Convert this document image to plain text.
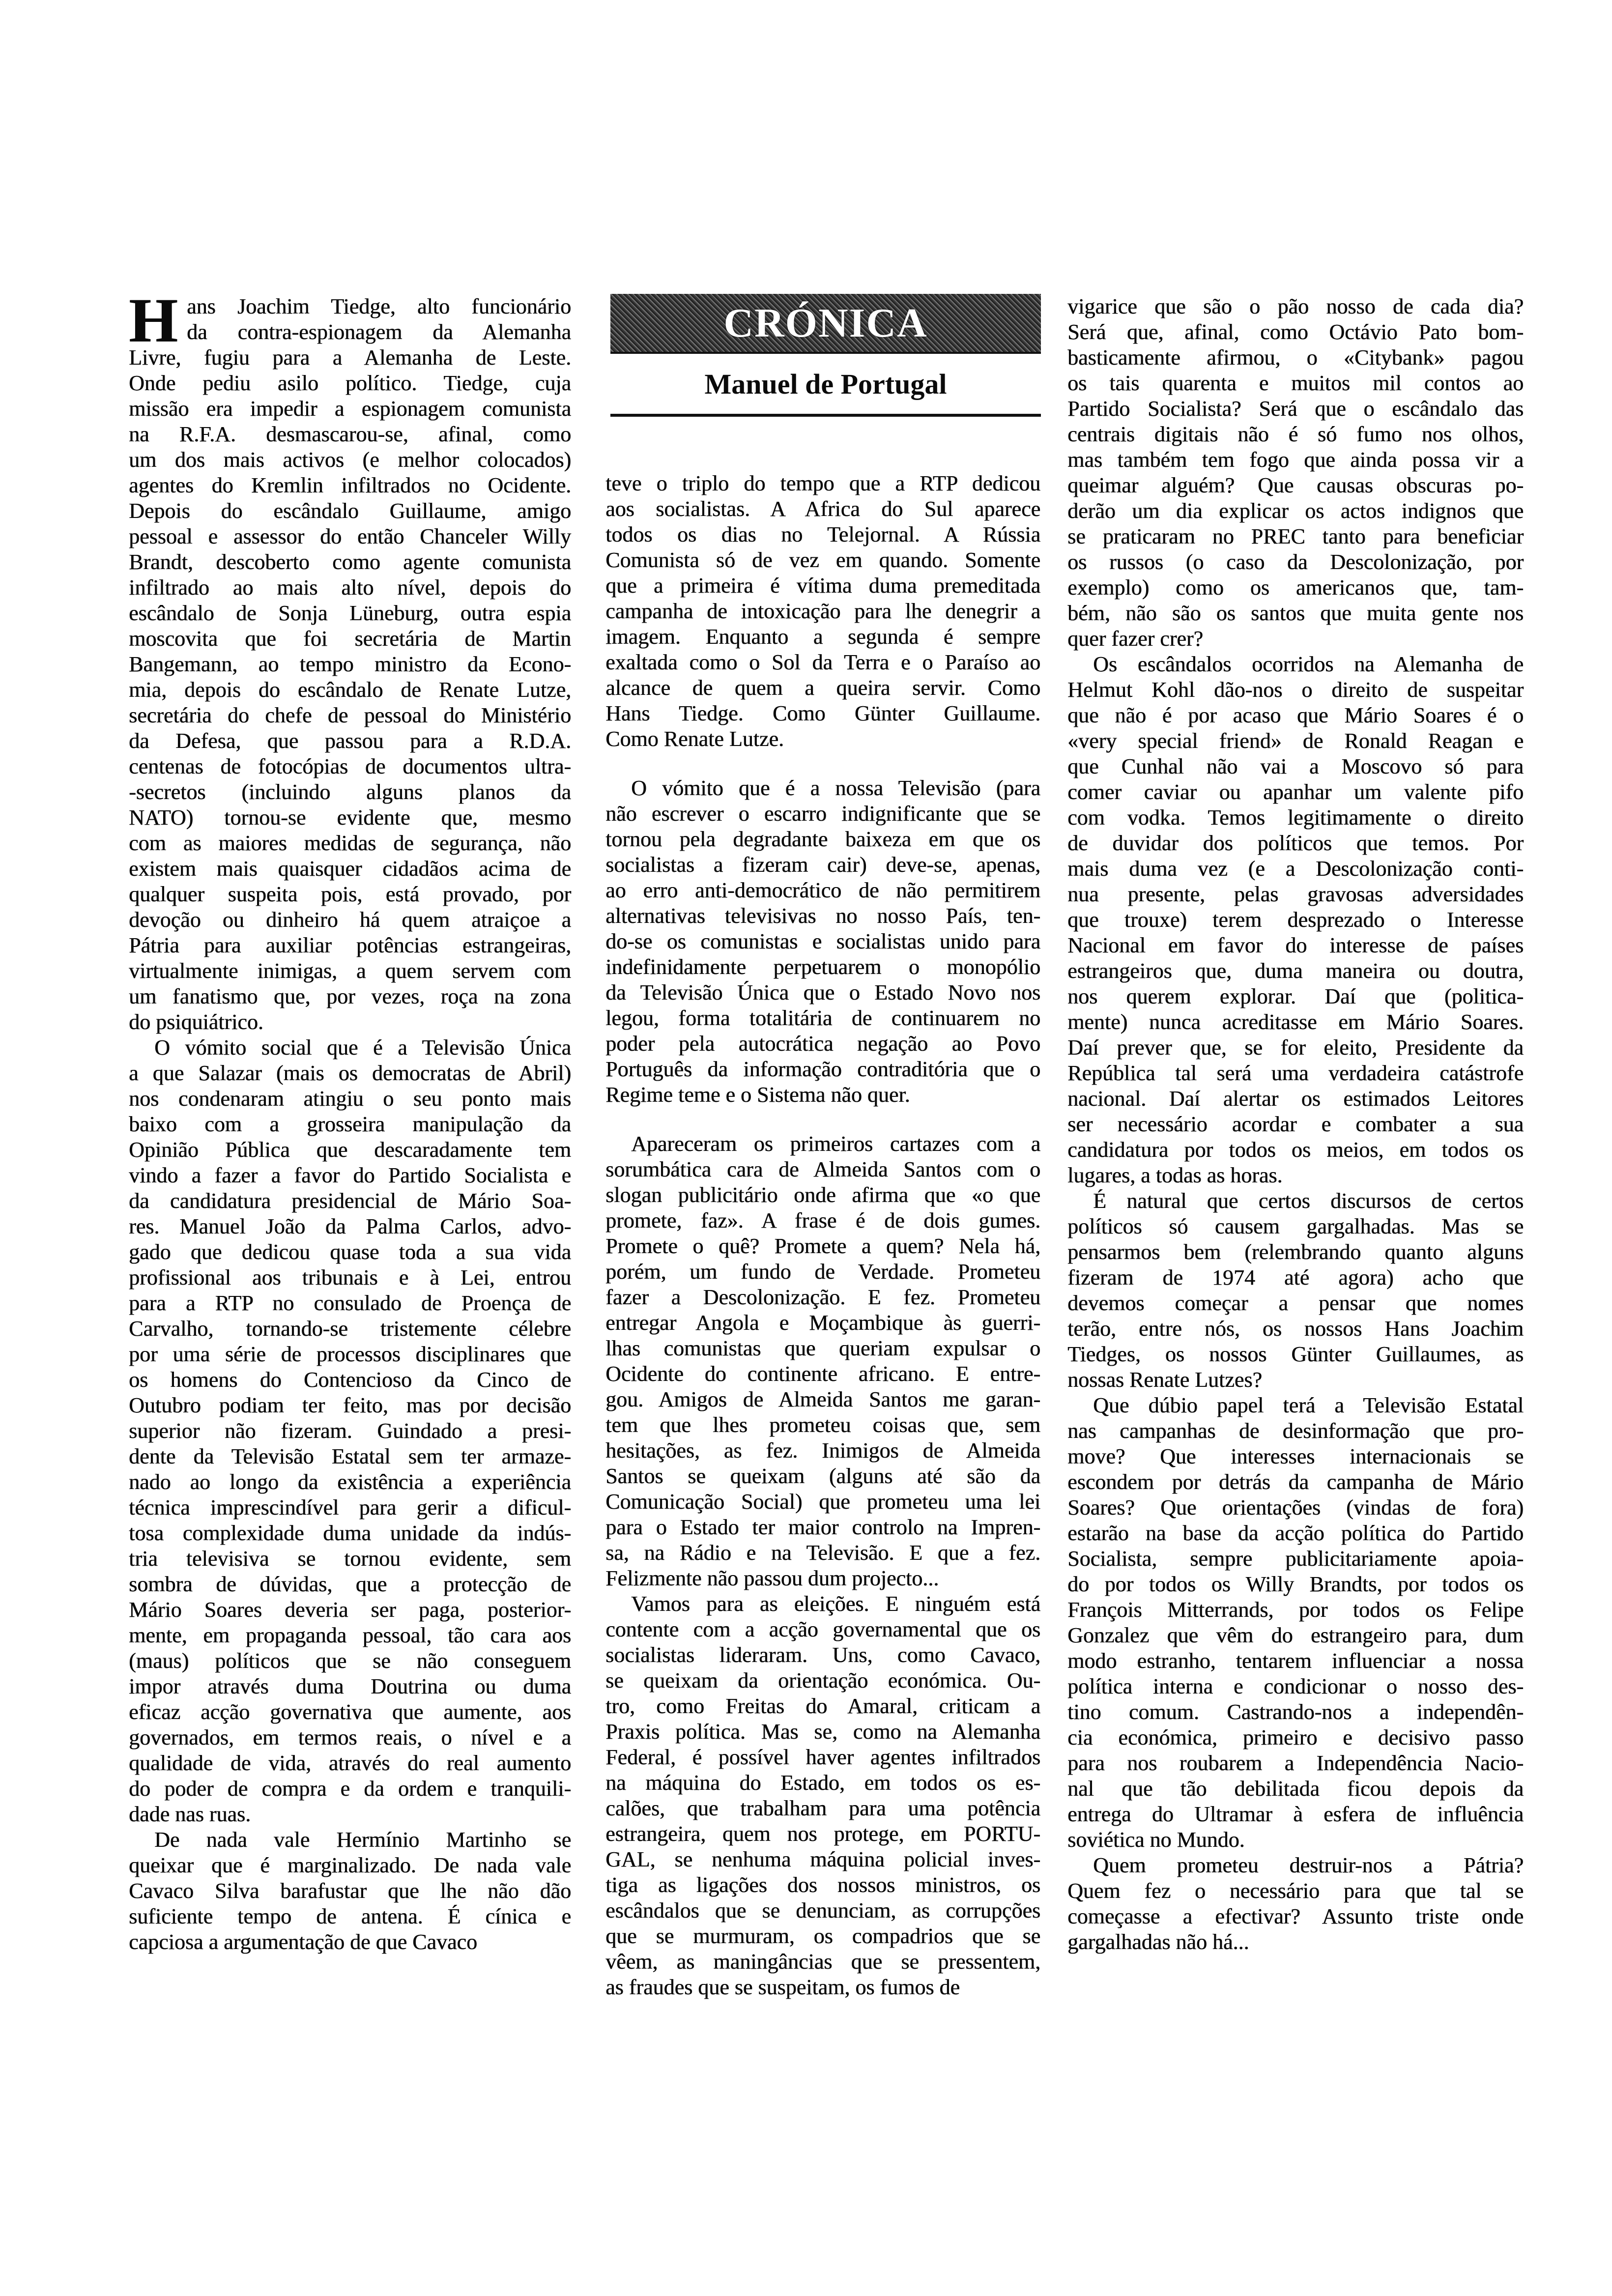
CRÓNICA
Manuel de Portugal
H ans Joachim Tiedge, alto funcionário
da contra-espionagem da Alemanha
Livre, fugiu para a Alemanha de Leste.
Onde pediu asilo político. Tiedge, cuja
missão era impedir a espionagem comunista
na R.F.A. desmascarou-se, afinal, como
um dos mais activos (e melhor colocados)
agentes do Kremlin infiltrados no Ocidente.
Depois do escândalo Guillaume, amigo
pessoal e assessor do então Chanceler Willy
Brandt, descoberto como agente comunista
infiltrado ao mais alto nível, depois do
escândalo de Sonja Lüneburg, outra espia
moscovita que foi secretária de Martin
Bangemann, ao tempo ministro da Econo-
mia, depois do escândalo de Renate Lutze,
secretária do chefe de pessoal do Ministério
da Defesa, que passou para a R.D.A.
centenas de fotocópias de documentos ultra-
-secretos (incluindo alguns planos da
NATO) tornou-se evidente que, mesmo
com as maiores medidas de segurança, não
existem mais quaisquer cidadãos acima de
qualquer suspeita pois, está provado, por
devoção ou dinheiro há quem atraiçoe a
Pátria para auxiliar potências estrangeiras,
virtualmente inimigas, a quem servem com
um fanatismo que, por vezes, roça na zona
do psiquiátrico.
O vómito social que é a Televisão Única
a que Salazar (mais os democratas de Abril)
nos condenaram atingiu o seu ponto mais
baixo com a grosseira manipulação da
Opinião Pública que descaradamente tem
vindo a fazer a favor do Partido Socialista e
da candidatura presidencial de Mário Soa-
res. Manuel João da Palma Carlos, advo-
gado que dedicou quase toda a sua vida
profissional aos tribunais e à Lei, entrou
para a RTP no consulado de Proença de
Carvalho, tornando-se tristemente célebre
por uma série de processos disciplinares que
os homens do Contencioso da Cinco de
Outubro podiam ter feito, mas por decisão
superior não fizeram. Guindado a presi-
dente da Televisão Estatal sem ter armaze-
nado ao longo da existência a experiência
técnica imprescindível para gerir a dificul-
tosa complexidade duma unidade da indús-
tria televisiva se tornou evidente, sem
sombra de dúvidas, que a protecção de
Mário Soares deveria ser paga, posterior-
mente, em propaganda pessoal, tão cara aos
(maus) políticos que se não conseguem
impor através duma Doutrina ou duma
eficaz acção governativa que aumente, aos
governados, em termos reais, o nível e a
qualidade de vida, através do real aumento
do poder de compra e da ordem e tranquili-
dade nas ruas.
De nada vale Hermínio Martinho se
queixar que é marginalizado. De nada vale
Cavaco Silva barafustar que lhe não dão
suficiente tempo de antena. É cínica e
capciosa a argumentação de que Cavaco
teve o triplo do tempo que a RTP dedicou
aos socialistas. A Africa do Sul aparece
todos os dias no Telejornal. A Rússia
Comunista só de vez em quando. Somente
que a primeira é vítima duma premeditada
campanha de intoxicação para lhe denegrir a
imagem. Enquanto a segunda é sempre
exaltada como o Sol da Terra e o Paraíso ao
alcance de quem a queira servir. Como
Hans Tiedge. Como Günter Guillaume.
Como Renate Lutze.
O vómito que é a nossa Televisão (para
não escrever o escarro indignificante que se
tornou pela degradante baixeza em que os
socialistas a fizeram cair) deve-se, apenas,
ao erro anti-democrático de não permitirem
alternativas televisivas no nosso País, ten-
do-se os comunistas e socialistas unido para
indefinidamente perpetuarem o monopólio
da Televisão Única que o Estado Novo nos
legou, forma totalitária de continuarem no
poder pela autocrática negação ao Povo
Português da informação contraditória que o
Regime teme e o Sistema não quer.
Apareceram os primeiros cartazes com a
sorumbática cara de Almeida Santos com o
slogan publicitário onde afirma que «o que
promete, faz». A frase é de dois gumes.
Promete o quê? Promete a quem? Nela há,
porém, um fundo de Verdade. Prometeu
fazer a Descolonização. E fez. Prometeu
entregar Angola e Moçambique às guerri-
lhas comunistas que queriam expulsar o
Ocidente do continente africano. E entre-
gou. Amigos de Almeida Santos me garan-
tem que lhes prometeu coisas que, sem
hesitações, as fez. Inimigos de Almeida
Santos se queixam (alguns até são da
Comunicação Social) que prometeu uma lei
para o Estado ter maior controlo na Impren-
sa, na Rádio e na Televisão. E que a fez.
Felizmente não passou dum projecto...
Vamos para as eleições. E ninguém está
contente com a acção governamental que os
socialistas lideraram. Uns, como Cavaco,
se queixam da orientação económica. Ou-
tro, como Freitas do Amaral, criticam a
Praxis política. Mas se, como na Alemanha
Federal, é possível haver agentes infiltrados
na máquina do Estado, em todos os es-
calões, que trabalham para uma potência
estrangeira, quem nos protege, em PORTU-
GAL, se nenhuma máquina policial inves-
tiga as ligações dos nossos ministros, os
escândalos que se denunciam, as corrupções
que se murmuram, os compadrios que se
vêem, as maningâncias que se pressentem,
as fraudes que se suspeitam, os fumos de
vigarice que são o pão nosso de cada dia?
Será que, afinal, como Octávio Pato bom-
basticamente afirmou, o «Citybank» pagou
os tais quarenta e muitos mil contos ao
Partido Socialista? Será que o escândalo das
centrais digitais não é só fumo nos olhos,
mas também tem fogo que ainda possa vir a
queimar alguém? Que causas obscuras po-
derão um dia explicar os actos indignos que
se praticaram no PREC tanto para beneficiar
os russos (o caso da Descolonização, por
exemplo) como os americanos que, tam-
bém, não são os santos que muita gente nos
quer fazer crer?
Os escândalos ocorridos na Alemanha de
Helmut Kohl dão-nos o direito de suspeitar
que não é por acaso que Mário Soares é o
«very special friend» de Ronald Reagan e
que Cunhal não vai a Moscovo só para
comer caviar ou apanhar um valente pifo
com vodka. Temos legitimamente o direito
de duvidar dos políticos que temos. Por
mais duma vez (e a Descolonização conti-
nua presente, pelas gravosas adversidades
que trouxe) terem desprezado o Interesse
Nacional em favor do interesse de países
estrangeiros que, duma maneira ou doutra,
nos querem explorar. Daí que (politica-
mente) nunca acreditasse em Mário Soares.
Daí prever que, se for eleito, Presidente da
República tal será uma verdadeira catástrofe
nacional. Daí alertar os estimados Leitores
ser necessário acordar e combater a sua
candidatura por todos os meios, em todos os
lugares, a todas as horas.
É natural que certos discursos de certos
políticos só causem gargalhadas. Mas se
pensarmos bem (relembrando quanto alguns
fizeram de 1974 até agora) acho que
devemos começar a pensar que nomes
terão, entre nós, os nossos Hans Joachim
Tiedges, os nossos Günter Guillaumes, as
nossas Renate Lutzes?
Que dúbio papel terá a Televisão Estatal
nas campanhas de desinformação que pro-
move? Que interesses internacionais se
escondem por detrás da campanha de Mário
Soares? Que orientações (vindas de fora)
estarão na base da acção política do Partido
Socialista, sempre publicitariamente apoia-
do por todos os Willy Brandts, por todos os
François Mitterrands, por todos os Felipe
Gonzalez que vêm do estrangeiro para, dum
modo estranho, tentarem influenciar a nossa
política interna e condicionar o nosso des-
tino comum. Castrando-nos a independên-
cia económica, primeiro e decisivo passo
para nos roubarem a Independência Nacio-
nal que tão debilitada ficou depois da
entrega do Ultramar à esfera de influência
soviética no Mundo.
Quem prometeu destruir-nos a Pátria?
Quem fez o necessário para que tal se
começasse a efectivar? Assunto triste onde
gargalhadas não há...
